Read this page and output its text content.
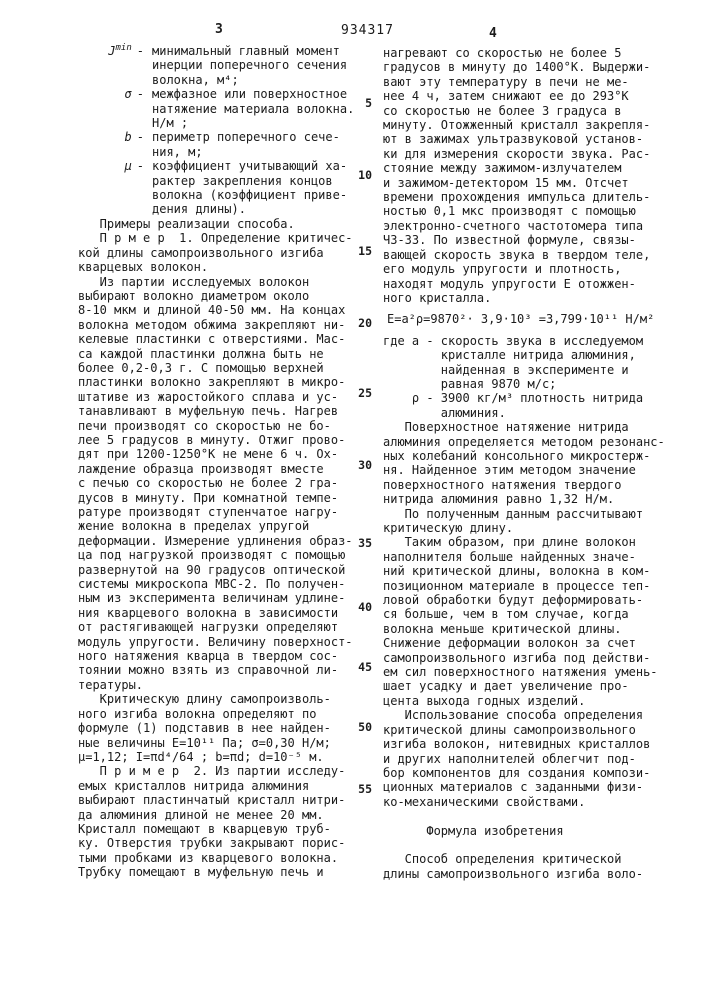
3	934317	4
J min - минимальный главный момент
инерции поперечного сечения
волокна, м⁴;
σ - межфазное или поверхностное
натяжение материала волокна.
Н/м ;
b - периметр поперечного сече-
ния, м;
μ - коэффициент учитывающий ха-
рактер закрепления концов
волокна (коэффициент приве-
дения длины).
Примеры реализации способа.
П р м е р  1. Определение критичес-
кой длины самопроизвольного изгиба
кварцевых волокон.
Из партии исследуемых волокон
выбирают волокно диаметром около
8-10 мкм и длиной 40-50 мм. На концах
волокна методом обжима закрепляют ни-
келевые пластинки с отверстиями. Мас-
са каждой пластинки должна быть не
более 0,2-0,3 г. С помощью верхней
пластинки волокно закрепляют в микро-
штативе из жаростойкого сплава и ус-
танавливают в муфельную печь. Нагрев
печи производят со скоростью не бо-
лее 5 градусов в минуту. Отжиг прово-
дят при 1200-1250°К не мене 6 ч. Ох-
лаждение образца производят вместе
с печью со скоростью не более 2 гра-
дусов в минуту. При комнатной темпе-
ратуре производят ступенчатое нагру-
жение волокна в пределах упругой
деформации. Измерение удлинения образ-
ца под нагрузкой производят с помощью
развернутой на 90 градусов оптической
системы микроскопа МВС-2. По получен-
ным из эксперимента величинам удлине-
ния кварцевого волокна в зависимости
от растягивающей нагрузки определяют
модуль упругости. Величину поверхност-
ного натяжения кварца в твердом сос-
тоянии можно взять из справочной ли-
тературы.
Критическую длину самопроизволь-
ного изгиба волокна определяют по
формуле (1) подставив в нее найден-
ные величины Е=10¹¹ Па; σ=0,30 Н/м;
μ=1,12; I=πd⁴/64 ; b=πd; d=10⁻⁵ м.
П р и м е р  2. Из партии исследу-
емых кристаллов нитрида алюминия
выбирают пластинчатый кристалл нитри-
да алюминия длиной не менее 20 мм.
Кристалл помещают в кварцевую труб-
ку. Отверстия трубки закрывают порис-
тыми пробками из кварцевого волокна.
Трубку помещают в муфельную печь и
нагревают со скоростью не более 5
градусов в минуту до 1400°К. Выдержи-
вают эту температуру в печи не ме-
нее 4 ч, затем снижают ее до 293°К
со скоростью не более 3 градуса в
минуту. Отожженный кристалл закрепля-
ют в зажимах ультразвуковой установ-
ки для измерения скорости звука. Рас-
стояние между зажимом-излучателем
и зажимом-детектором 15 мм. Отсчет
времени прохождения импульса длитель-
ностью 0,1 мкс производят с помощью
электронно-счетного частотомера типа
Ч3-33. По известной формуле, связы-
вающей скорость звука в твердом теле,
его модуль упругости и плотность,
находят модуль упругости Е отожжен-
ного кристалла.
Е=а²ρ=9870²· 3,9·10³ =3,799·10¹¹ Н/м²
где а - скорость звука в исследуемом
кристалле нитрида алюминия,
найденная в эксперименте и
равная 9870 м/с;
ρ - 3900 кг/м³ плотность нитрида
алюминия.
Поверхностное натяжение нитрида
алюминия определяется методом резонанс-
ных колебаний консольного микростерж-
ня. Найденное этим методом значение
поверхностного натяжения твердого
нитрида алюминия равно 1,32 Н/м.
По полученным данным рассчитывают
критическую длину.
Таким образом, при длине волокон
наполнителя больше найденных значе-
ний критической длины, волокна в ком-
позиционном материале в процессе теп-
ловой обработки будут деформировать-
ся больше, чем в том случае, когда
волокна меньше критической длины.
Снижение деформации волокон за счет
самопроизвольного изгиба под действи-
ем сил поверхностного натяжения умень-
шает усадку и дает увеличение про-
цента выхода годных изделий.
Использование способа определения
критической длины самопроизвольного
изгиба волокон, нитевидных кристаллов
и других наполнителей облегчит под-
бор компонентов для создания компози-
ционных материалов с заданными физи-
ко-механическими свойствами.

Формула изобретения

Способ определения критической
длины самопроизвольного изгиба воло-
5
10
15
20
25
30
35
40
45
50
55
